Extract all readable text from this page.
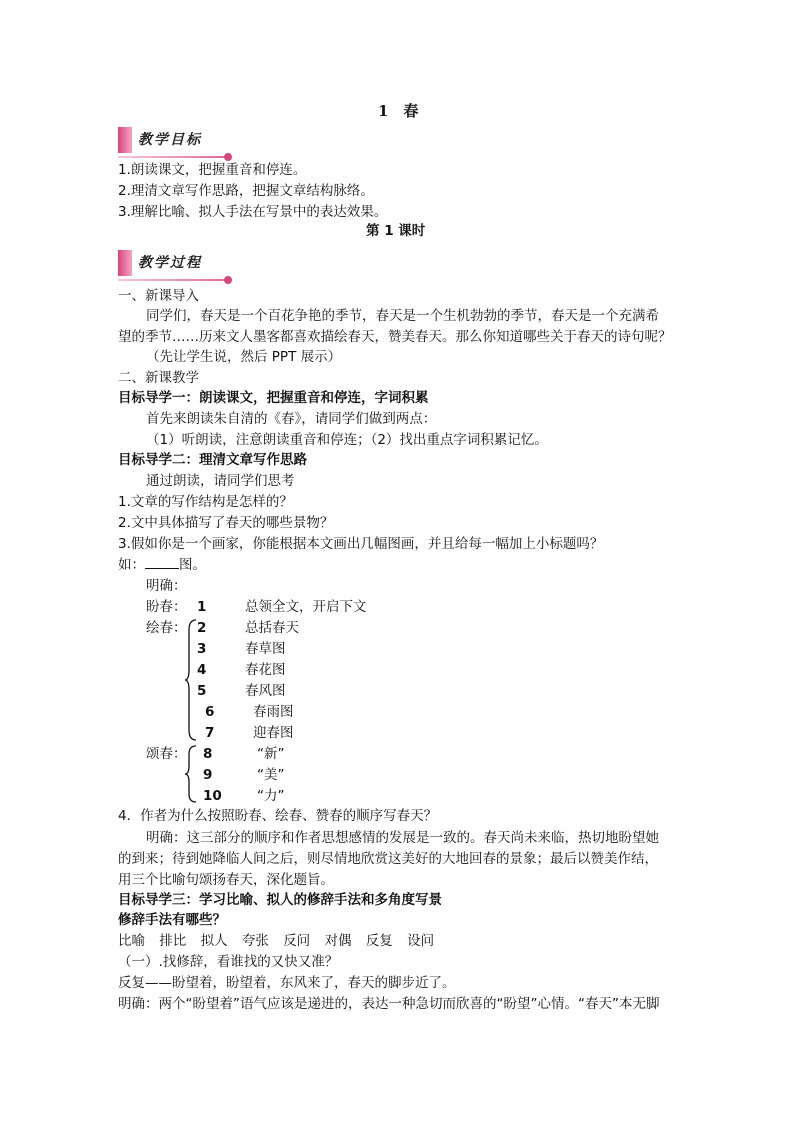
1　春
教学目标
1.朗读课文，把握重音和停连。
2.理清文章写作思路，把握文章结构脉络。
3.理解比喻、拟人手法在写景中的表达效果。
第 1 课时
教学过程
一、新课导入
同学们，春天是一个百花争艳的季节，春天是一个生机勃勃的季节，春天是一个充满希
望的季节……历来文人墨客都喜欢描绘春天，赞美春天。那么你知道哪些关于春天的诗句呢？
（先让学生说，然后 PPT 展示）
二、新课教学
目标导学一：朗读课文，把握重音和停连，字词积累
首先来朗读朱自清的《春》，请同学们做到两点：
（1）听朗读，注意朗读重音和停连；（2）找出重点字词积累记忆。
目标导学二：理清文章写作思路
通过朗读，请同学们思考
1.文章的写作结构是怎样的？
2.文中具体描写了春天的哪些景物？
3.假如你是一个画家，你能根据本文画出几幅图画，并且给每一幅加上小标题吗？
如：	图。
明确：
盼春： 1	总领全文，开启下文
绘春： 2	总括春天
3	春草图
4	春花图
5	春风图
6	春雨图
7	迎春图
颂春： 8	“新”
9	“美”
10	“力”
4．作者为什么按照盼春、绘春、赞春的顺序写春天？
明确：这三部分的顺序和作者思想感情的发展是一致的。春天尚未来临，热切地盼望她
的到来；待到她降临人间之后，则尽情地欣赏这美好的大地回春的景象；最后以赞美作结，
用三个比喻句颂扬春天，深化题旨。
目标导学三：学习比喻、拟人的修辞手法和多角度写景
修辞手法有哪些？
比喻 排比 拟人 夸张 反问 对偶 反复 设问
（一）.找修辞，看谁找的又快又准？
反复——盼望着，盼望着，东风来了，春天的脚步近了。
明确：两个“盼望着”语气应该是递进的，表达一种急切而欣喜的“盼望”心情。“春天”本无脚
